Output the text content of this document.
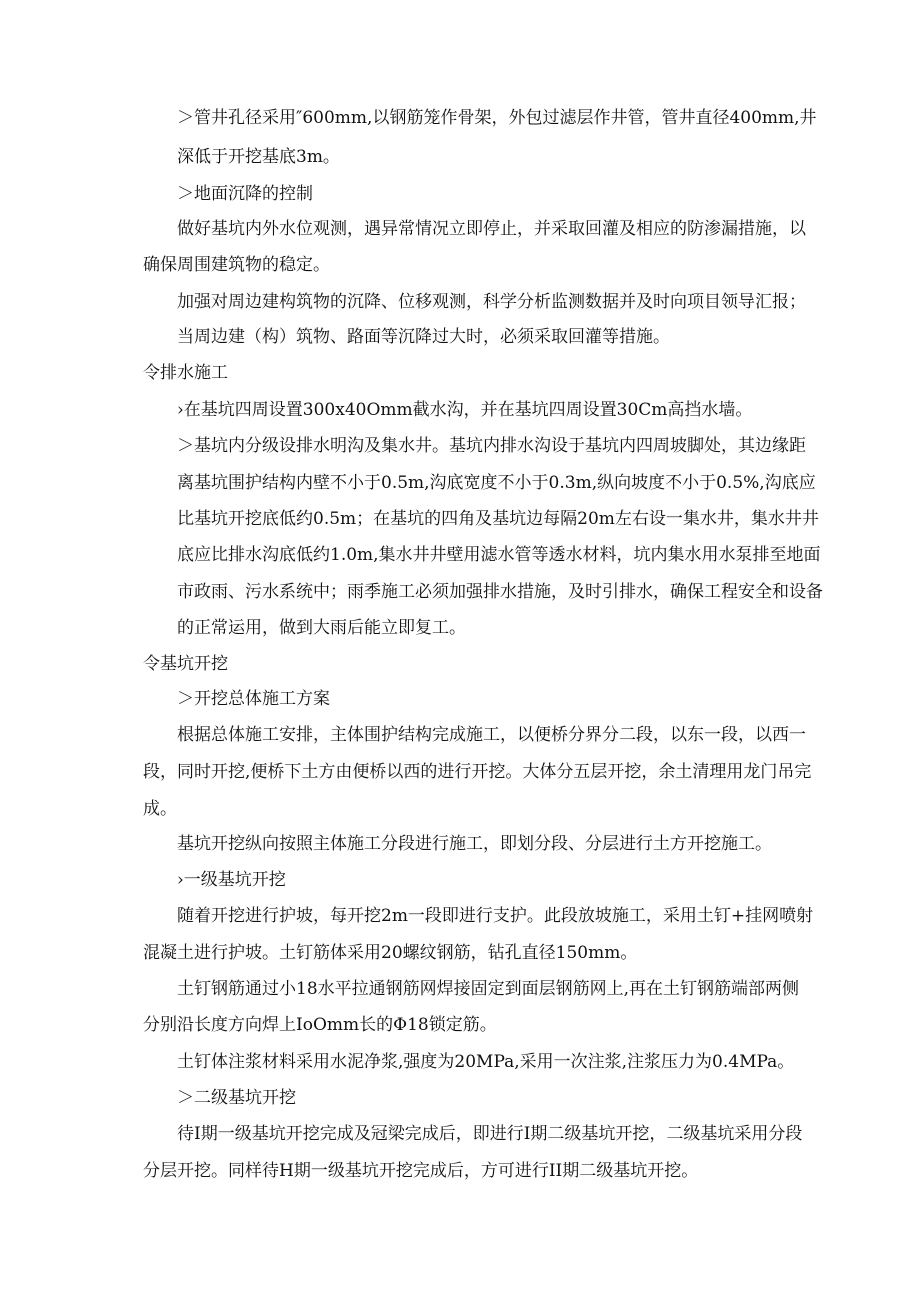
＞管井孔径采用″600mm,以钢筋笼作骨架，外包过滤层作井管，管井直径400mm,井
深低于开挖基底3m。
＞地面沉降的控制
做好基坑内外水位观测，遇异常情况立即停止，并采取回灌及相应的防渗漏措施，以
确保周围建筑物的稳定。
加强对周边建构筑物的沉降、位移观测，科学分析监测数据并及时向项目领导汇报；
当周边建（构）筑物、路面等沉降过大时，必须采取回灌等措施。
令排水施工
›在基坑四周设置300x40Omm截水沟，并在基坑四周设置30Cm高挡水墙。
＞基坑内分级设排水明沟及集水井。基坑内排水沟设于基坑内四周坡脚处，其边缘距
离基坑围护结构内壁不小于0.5m,沟底宽度不小于0.3m,纵向坡度不小于0.5%,沟底应
比基坑开挖底低约0.5m；在基坑的四角及基坑边每隔20m左右设一集水井，集水井井
底应比排水沟底低约1.0m,集水井井壁用滤水管等透水材料，坑内集水用水泵排至地面
市政雨、污水系统中；雨季施工必须加强排水措施，及时引排水，确保工程安全和设备
的正常运用，做到大雨后能立即复工。
令基坑开挖
＞开挖总体施工方案
根据总体施工安排，主体围护结构完成施工，以便桥分界分二段，以东一段，以西一
段，同时开挖,便桥下土方由便桥以西的进行开挖。大体分五层开挖，余土清理用龙门吊完
成。
基坑开挖纵向按照主体施工分段进行施工，即划分段、分层进行土方开挖施工。
›一级基坑开挖
随着开挖进行护坡，每开挖2m一段即进行支护。此段放坡施工，采用土钉+挂网喷射
混凝土进行护坡。土钉筋体采用20螺纹钢筋，钻孔直径150mm。
土钉钢筋通过小18水平拉通钢筋网焊接固定到面层钢筋网上,再在土钉钢筋端部两侧
分别沿长度方向焊上IoOmm长的Φ18锁定筋。
土钉体注浆材料采用水泥净浆,强度为20MPa,采用一次注浆,注浆压力为0.4MPa。
＞二级基坑开挖
待I期一级基坑开挖完成及冠梁完成后，即进行I期二级基坑开挖，二级基坑采用分段
分层开挖。同样待H期一级基坑开挖完成后，方可进行II期二级基坑开挖。
